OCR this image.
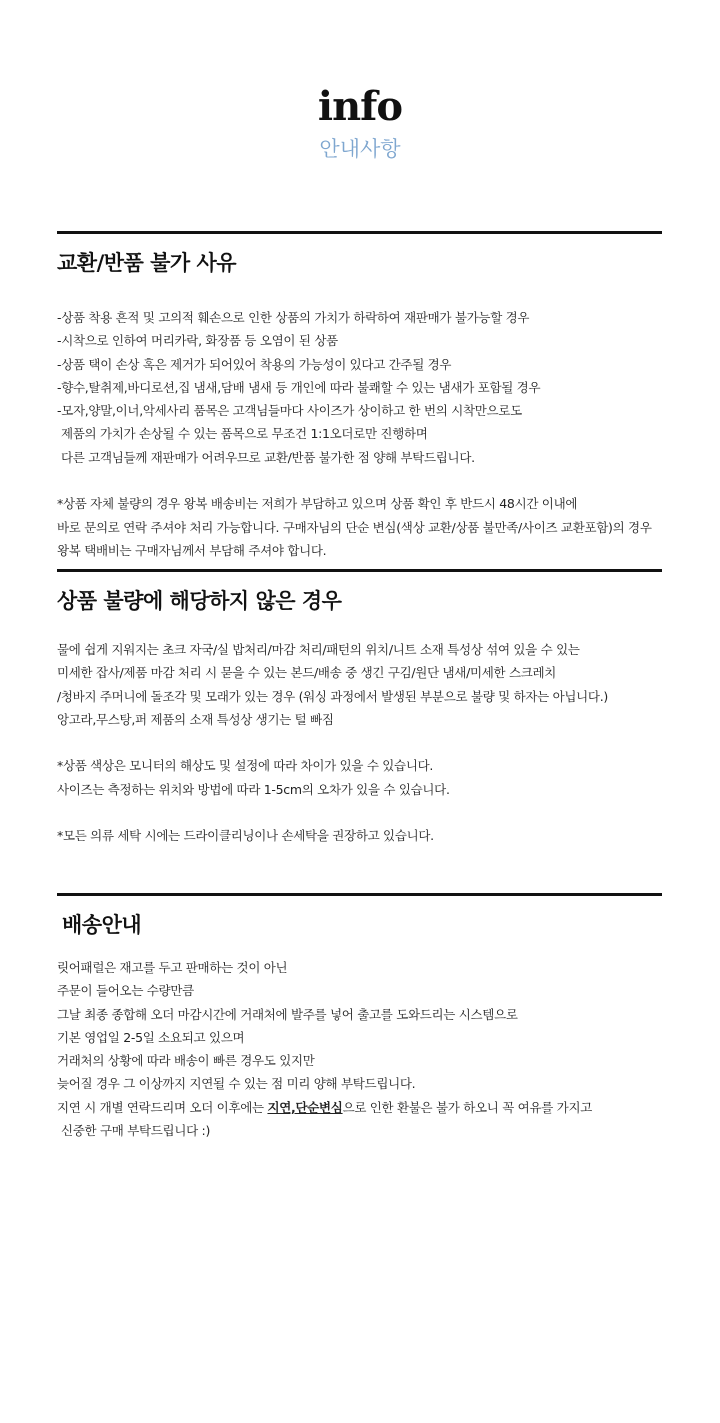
info
안내사항
교환/반품 불가 사유
-상품 착용 흔적 및 고의적 훼손으로 인한 상품의 가치가 하락하여 재판매가 불가능할 경우
-시착으로 인하여 머리카락, 화장품 등 오염이 된 상품
-상품 택이 손상 혹은 제거가 되어있어 착용의 가능성이 있다고 간주될 경우
-향수,탈취제,바디로션,집 냄새,담배 냄새 등 개인에 따라 불쾌할 수 있는 냄새가 포함될 경우
-모자,양말,이너,악세사리 품목은 고객님들마다 사이즈가 상이하고 한 번의 시착만으로도
제품의 가치가 손상될 수 있는 품목으로 무조건 1:1오더로만 진행하며
다른 고객님들께 재판매가 어려우므로 교환/반품 불가한 점 양해 부탁드립니다.
*상품 자체 불량의 경우 왕복 배송비는 저희가 부담하고 있으며 상품 확인 후 반드시 48시간 이내에
바로 문의로 연락 주셔야 처리 가능합니다. 구매자님의 단순 변심(색상 교환/상품 불만족/사이즈 교환포함)의 경우
왕복 택배비는 구매자님께서 부담해 주셔야 합니다.
상품 불량에 해당하지 않은 경우
물에 쉽게 지워지는 초크 자국/실 밥처리/마감 처리/패턴의 위치/니트 소재 특성상 섞여 있을 수 있는
미세한 잡사/제품 마감 처리 시 묻을 수 있는 본드/배송 중 생긴 구김/원단 냄새/미세한 스크레치
/청바지 주머니에 돌조각 및 모래가 있는 경우 (워싱 과정에서 발생된 부분으로 불량 및 하자는 아닙니다.)
앙고라,무스탕,퍼 제품의 소재 특성상 생기는 털 빠짐
*상품 색상은 모니터의 해상도 및 설정에 따라 차이가 있을 수 있습니다.
사이즈는 측정하는 위치와 방법에 따라 1-5cm의 오차가 있을 수 있습니다.
*모든 의류 세탁 시에는 드라이클리닝이나 손세탁을 권장하고 있습니다.
배송안내
릿어패럴은 재고를 두고 판매하는 것이 아닌
주문이 들어오는 수량만큼
그날 최종 종합해 오더 마감시간에 거래처에 발주를 넣어 출고를 도와드리는 시스템으로
기본 영업일 2-5일 소요되고 있으며
거래처의 상황에 따라 배송이 빠른 경우도 있지만
늦어질 경우 그 이상까지 지연될 수 있는 점 미리 양해 부탁드립니다.
지연 시 개별 연락드리며 오더 이후에는 지연,단순변심으로 인한 환불은 불가 하오니 꼭 여유를 가지고
신중한 구매 부탁드립니다 :)
